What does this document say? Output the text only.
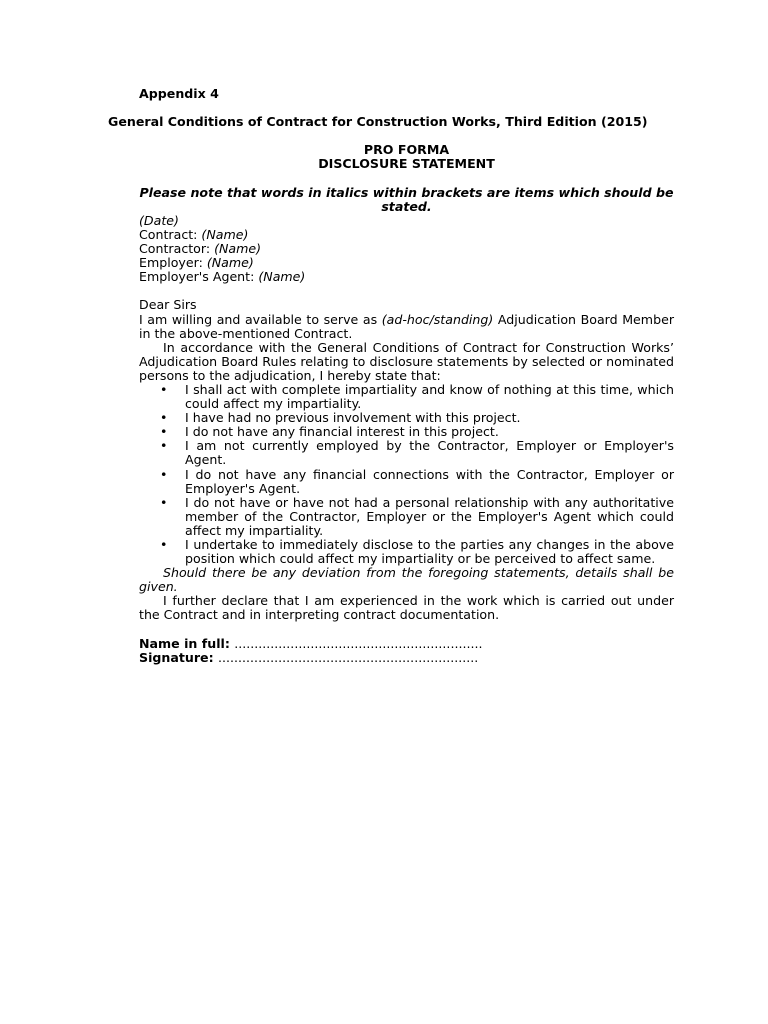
General Conditions of Contract for Construction Works, Third Edition (2015)

Appendix 4

PRO FORMA

DISCLOSURE STATEMENT

Please note that words in italics within brackets are items which should be stated.

(Date)

Contract: (Name)

Contractor: (Name)

Employer: (Name)

Employer's Agent: (Name)

Dear Sirs

I am willing and available to serve as (ad-hoc/standing) Adjudication Board Member in the above-mentioned Contract.

In accordance with the General Conditions of Contract for Construction Works’ Adjudication Board Rules relating to disclosure statements by selected or nominated persons to the adjudication, I hereby state that:

• I shall act with complete impartiality and know of nothing at this time, which could affect my impartiality.
• I have had no previous involvement with this project.
• I do not have any financial interest in this project.
• I am not currently employed by the Contractor, Employer or Employer's Agent.
• I do not have any financial connections with the Contractor, Employer or Employer's Agent.
• I do not have or have not had a personal relationship with any authoritative member of the Contractor, Employer or the Employer's Agent which could affect my impartiality.
• I undertake to immediately disclose to the parties any changes in the above position which could affect my impartiality or be perceived to affect same.

Should there be any deviation from the foregoing statements, details shall be given.

I further declare that I am experienced in the work which is carried out under the Contract and in interpreting contract documentation.

Name in full: ..............................................................

Signature: .................................................................
